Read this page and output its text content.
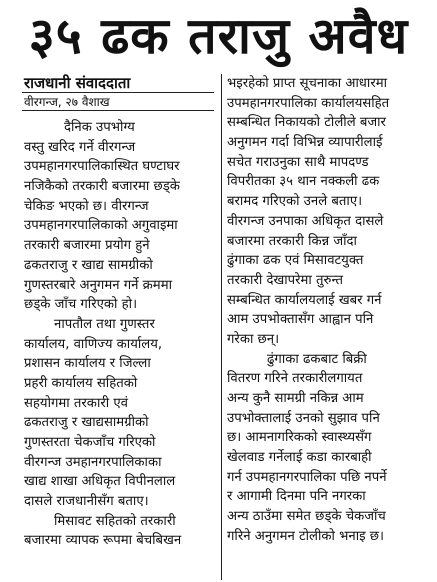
३५ ढक तराजु अवैध
राजधानी संवाददाता
वीरगन्ज, २७ वैशाख
दैनिक उपभोग्य
वस्तु खरिद गर्ने वीरगन्ज
उपमहानगरपालिकास्थित घण्टाघर
नजिकैको तरकारी बजारमा छड्के
चेकिङ भएको छ। वीरगन्ज
उपमहानगरपालिकाको अगुवाइमा
तरकारी बजारमा प्रयोग हुने
ढकतराजु र खाद्य सामग्रीको
गुणस्तरबारे अनुगमन गर्ने क्रममा
छड्के जाँच गरिएको हो।
नापतौल तथा गुणस्तर
कार्यालय, वाणिज्य कार्यालय,
प्रशासन कार्यालय र जिल्ला
प्रहरी कार्यालय सहितको
सहयोगमा तरकारी एवं
ढकतराजु र खाद्यसामग्रीको
गुणस्तरता चेकजाँच गरिएको
वीरगन्ज उमहानगरपालिकाका
खाद्य शाखा अधिकृत विपीनलाल
दासले राजधानीसँग बताए।
मिसावट सहितको तरकारी
बजारमा व्यापक रूपमा बेचबिखन
भइरहेको प्राप्त सूचनाका आधारमा
उपमहानगरपालिका कार्यालयसहित
सम्बन्धित निकायको टोलीले बजार
अनुगमन गर्दा विभिन्न व्यापारीलाई
सचेत गराउनुका साथै मापदण्ड
विपरीतका ३५ थान नक्कली ढक
बरामद गरिएको उनले बताए।
वीरगन्ज उनपाका अधिकृत दासले
बजारमा तरकारी किन्न जाँदा
ढुंगाका ढक एवं मिसावटयुक्त
तरकारी देखापरेमा तुरुन्त
सम्बन्धित कार्यालयलाई खबर गर्न
आम उपभोक्तासँग आह्वान पनि
गरेका छन्।
ढुंगाका ढकबाट बिक्री
वितरण गरिने तरकारीलगायत
अन्य कुनै सामग्री नकिन्न आम
उपभोक्तालाई उनको सुझाव पनि
छ। आमनागरिकको स्वास्थ्यसँग
खेलवाड गर्नेलाई कडा कारबाही
गर्न उपमहानगरपालिका पछि नपर्ने
र आगामी दिनमा पनि नगरका
अन्य ठाउँमा समेत छड्के चेकजाँच
गरिने अनुगमन टोलीको भनाइ छ।
